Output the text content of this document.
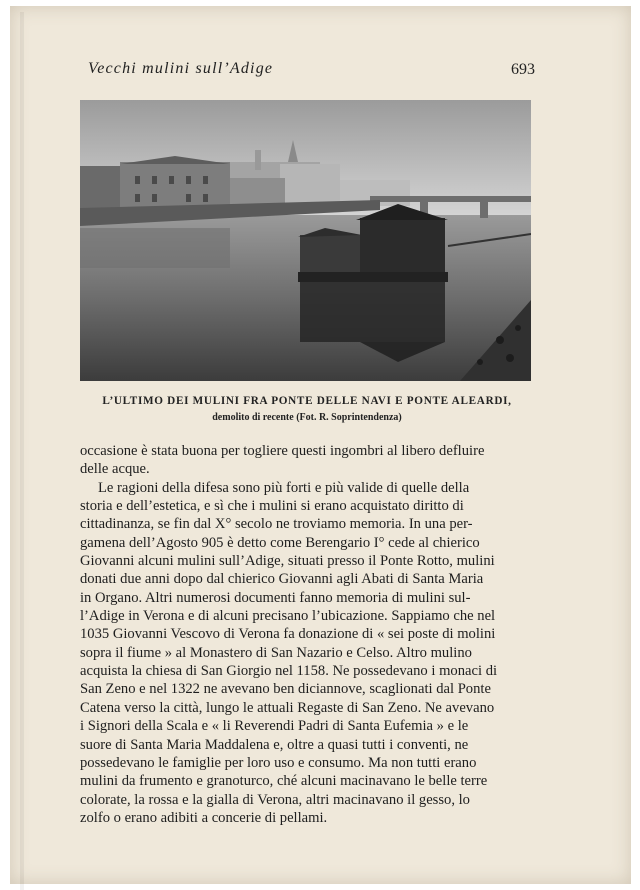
Vecchi mulini sull’Adige	693
L’ULTIMO DEI MULINI FRA PONTE DELLE NAVI E PONTE ALEARDI,
demolito di recente (Fot. R. Soprintendenza)
occasione è stata buona per togliere questi ingombri al libero defluire
delle acque.
Le ragioni della difesa sono più forti e più valide di quelle della
storia e dell’estetica, e sì che i mulini si erano acquistato diritto di
cittadinanza, se fin dal X° secolo ne troviamo memoria. In una per-
gamena dell’Agosto 905 è detto come Berengario I° cede al chierico
Giovanni alcuni mulini sull’Adige, situati presso il Ponte Rotto, mulini
donati due anni dopo dal chierico Giovanni agli Abati di Santa Maria
in Organo. Altri numerosi documenti fanno memoria di mulini sul-
l’Adige in Verona e di alcuni precisano l’ubicazione. Sappiamo che nel
1035 Giovanni Vescovo di Verona fa donazione di « sei poste di molini
sopra il fiume » al Monastero di San Nazario e Celso. Altro mulino
acquista la chiesa di San Giorgio nel 1158. Ne possedevano i monaci di
San Zeno e nel 1322 ne avevano ben diciannove, scaglionati dal Ponte
Catena verso la città, lungo le attuali Regaste di San Zeno. Ne avevano
i Signori della Scala e « li Reverendi Padri di Santa Eufemia » e le
suore di Santa Maria Maddalena e, oltre a quasi tutti i conventi, ne
possedevano le famiglie per loro uso e consumo. Ma non tutti erano
mulini da frumento e granoturco, ché alcuni macinavano le belle terre
colorate, la rossa e la gialla di Verona, altri macinavano il gesso, lo
zolfo o erano adibiti a concerie di pellami.
